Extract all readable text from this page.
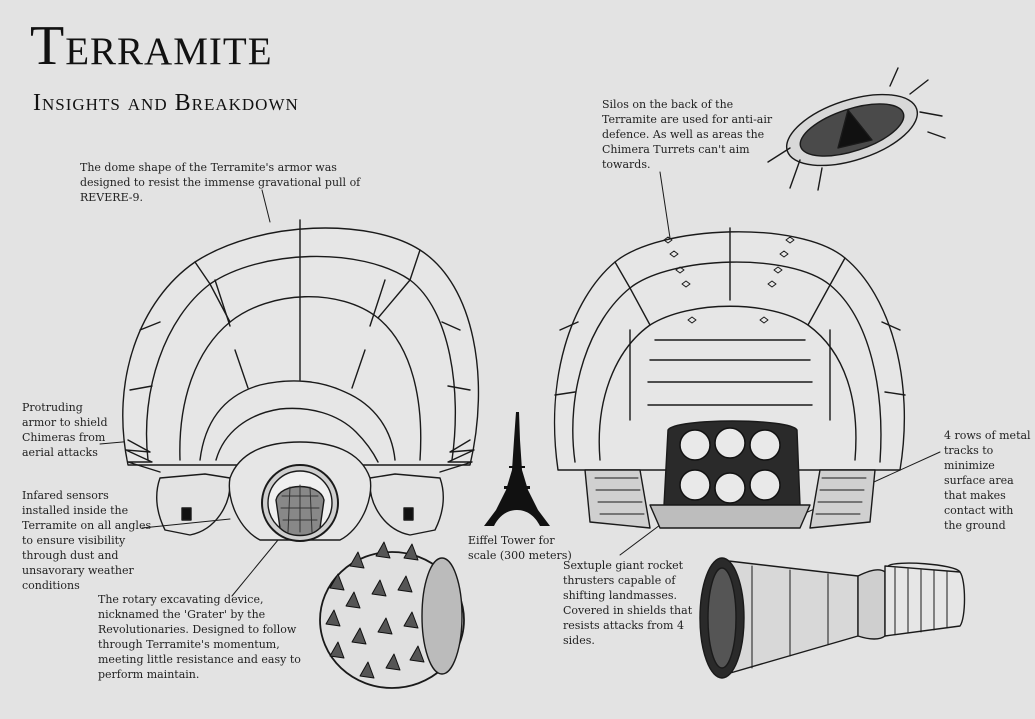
Terramite
Insights and Breakdown
The dome shape of the Terramite's armor was designed to resist the immense gravational pull of REVERE-9.
Silos on the back of the Terramite are used for anti-air defence. As well as areas the Chimera Turrets can't aim towards.
Protruding armor to shield Chimeras from aerial attacks
Infared sensors installed inside the Terramite on all angles to ensure visibility through dust and unsavorary weather conditions
The rotary excavating device, nicknamed the 'Grater' by the Revolutionaries. Designed to follow through Terramite's momentum, meeting little resistance and easy to perform maintain.
Eiffel Tower for scale (300 meters)
Sextuple giant rocket thrusters capable of shifting landmasses. Covered in shields that resists attacks from 4 sides.
4 rows of metal tracks to minimize surface area that makes contact with the ground
